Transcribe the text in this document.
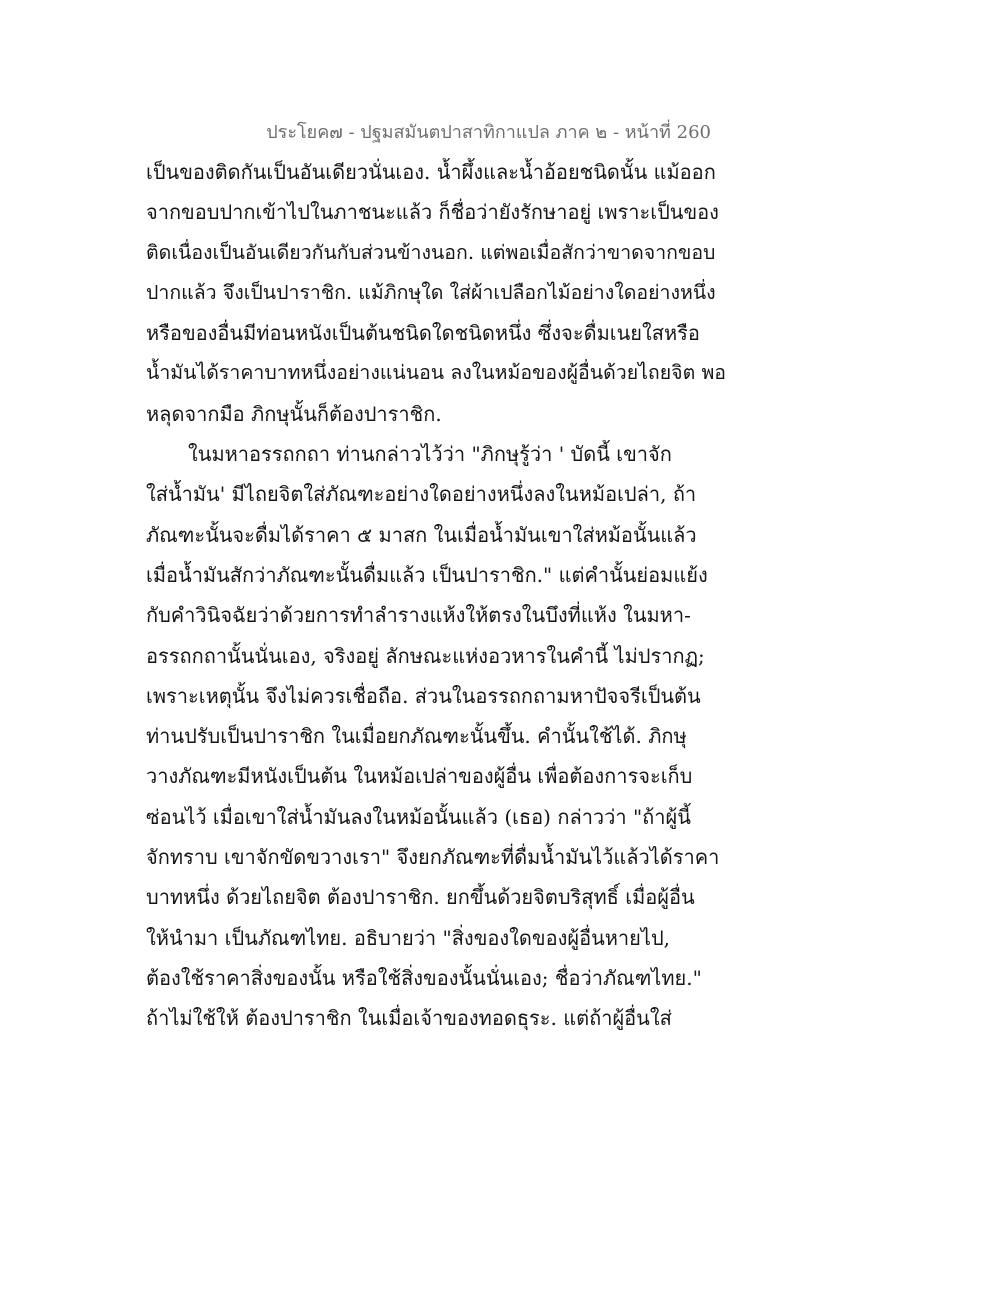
ประโยค๗ - ปฐมสมันตปาสาทิกาแปล ภาค ๒ - หน้าที่ 260
เป็นของติดกันเป็นอันเดียวนั่นเอง. น้ำผึ้งและน้ำอ้อยชนิดนั้น แม้ออก
จากขอบปากเข้าไปในภาชนะแล้ว ก็ชื่อว่ายังรักษาอยู่ เพราะเป็นของ
ติดเนื่องเป็นอันเดียวกันกับส่วนข้างนอก. แต่พอเมื่อสักว่าขาดจากขอบ
ปากแล้ว จึงเป็นปาราชิก. แม้ภิกษุใด ใส่ผ้าเปลือกไม้อย่างใดอย่างหนึ่ง
หรือของอื่นมีท่อนหนังเป็นต้นชนิดใดชนิดหนึ่ง ซึ่งจะดื่มเนยใสหรือ
น้ำมันได้ราคาบาทหนึ่งอย่างแน่นอน ลงในหม้อของผู้อื่นด้วยไถยจิต พอ
หลุดจากมือ ภิกษุนั้นก็ต้องปาราชิก.
ในมหาอรรถกถา ท่านกล่าวไว้ว่า "ภิกษุรู้ว่า ' บัดนี้ เขาจัก
ใส่น้ำมัน' มีไถยจิตใส่ภัณฑะอย่างใดอย่างหนึ่งลงในหม้อเปล่า, ถ้า
ภัณฑะนั้นจะดื่มได้ราคา ๕ มาสก ในเมื่อน้ำมันเขาใส่หม้อนั้นแล้ว
เมื่อน้ำมันสักว่าภัณฑะนั้นดื่มแล้ว เป็นปาราชิก." แต่คำนั้นย่อมแย้ง
กับคำวินิจฉัยว่าด้วยการทำลำรางแห้งให้ตรงในบึงที่แห้ง ในมหา-
อรรถกถานั้นนั่นเอง, จริงอยู่ ลักษณะแห่งอวหารในคำนี้ ไม่ปรากฏ;
เพราะเหตุนั้น จึงไม่ควรเชื่อถือ. ส่วนในอรรถกถามหาปัจจรีเป็นต้น
ท่านปรับเป็นปาราชิก ในเมื่อยกภัณฑะนั้นขึ้น. คำนั้นใช้ได้. ภิกษุ
วางภัณฑะมีหนังเป็นต้น ในหม้อเปล่าของผู้อื่น เพื่อต้องการจะเก็บ
ซ่อนไว้ เมื่อเขาใส่น้ำมันลงในหม้อนั้นแล้ว (เธอ) กล่าวว่า "ถ้าผู้นี้
จักทราบ เขาจักขัดขวางเรา" จึงยกภัณฑะที่ดื่มน้ำมันไว้แล้วได้ราคา
บาทหนึ่ง ด้วยไถยจิต ต้องปาราชิก. ยกขึ้นด้วยจิตบริสุทธิ์ เมื่อผู้อื่น
ให้นำมา เป็นภัณฑไทย. อธิบายว่า "สิ่งของใดของผู้อื่นหายไป,
ต้องใช้ราคาสิ่งของนั้น หรือใช้สิ่งของนั้นนั่นเอง; ชื่อว่าภัณฑไทย."
ถ้าไม่ใช้ให้ ต้องปาราชิก ในเมื่อเจ้าของทอดธุระ. แต่ถ้าผู้อื่นใส่
